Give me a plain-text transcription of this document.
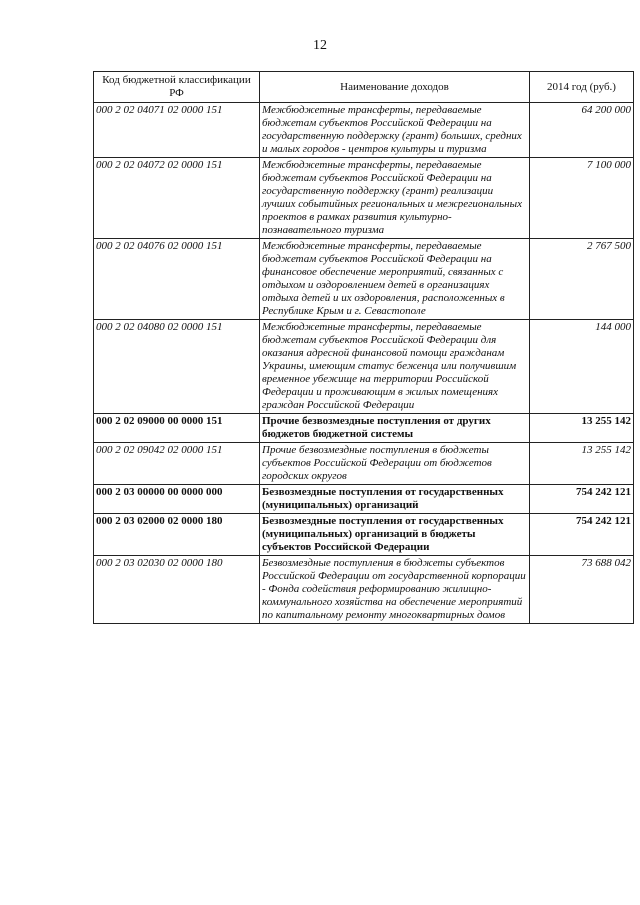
12
Код бюджетной классификации РФ	Наименование доходов	2014 год (руб.)
000 2 02 04071 02 0000 151	Межбюджетные трансферты, передаваемые бюджетам субъектов Российской Федерации на государственную поддержку (грант) больших, средних и малых городов - центров культуры и туризма	64 200 000
000 2 02 04072 02 0000 151	Межбюджетные трансферты, передаваемые бюджетам субъектов Российской Федерации на государственную поддержку (грант) реализации лучших событийных региональных и межрегиональных проектов в рамках развития культурно-познавательного туризма	7 100 000
000 2 02 04076 02 0000 151	Межбюджетные трансферты, передаваемые бюджетам субъектов Российской Федерации на финансовое обеспечение мероприятий, связанных с отдыхом и оздоровлением детей в организациях отдыха детей и их оздоровления, расположенных в Республике Крым и г. Севастополе	2 767 500
000 2 02 04080 02 0000 151	Межбюджетные трансферты, передаваемые бюджетам субъектов Российской Федерации для оказания адресной финансовой помощи гражданам Украины, имеющим статус беженца или получившим временное убежище на территории Российской Федерации и проживающим в жилых помещениях граждан Российской Федерации	144 000
000 2 02 09000 00 0000 151	Прочие безвозмездные поступления от других бюджетов бюджетной системы	13 255 142
000 2 02 09042 02 0000 151	Прочие безвозмездные поступления в бюджеты субъектов Российской Федерации от бюджетов городских округов	13 255 142
000 2 03 00000 00 0000 000	Безвозмездные поступления от государственных (муниципальных) организаций	754 242 121
000 2 03 02000 02 0000 180	Безвозмездные поступления от государственных (муниципальных) организаций в бюджеты субъектов Российской Федерации	754 242 121
000 2 03 02030 02 0000 180	Безвозмездные поступления в бюджеты субъектов Российской Федерации от государственной корпорации - Фонда содействия реформированию жилищно-коммунального хозяйства на обеспечение мероприятий по капитальному ремонту многоквартирных домов	73 688 042
